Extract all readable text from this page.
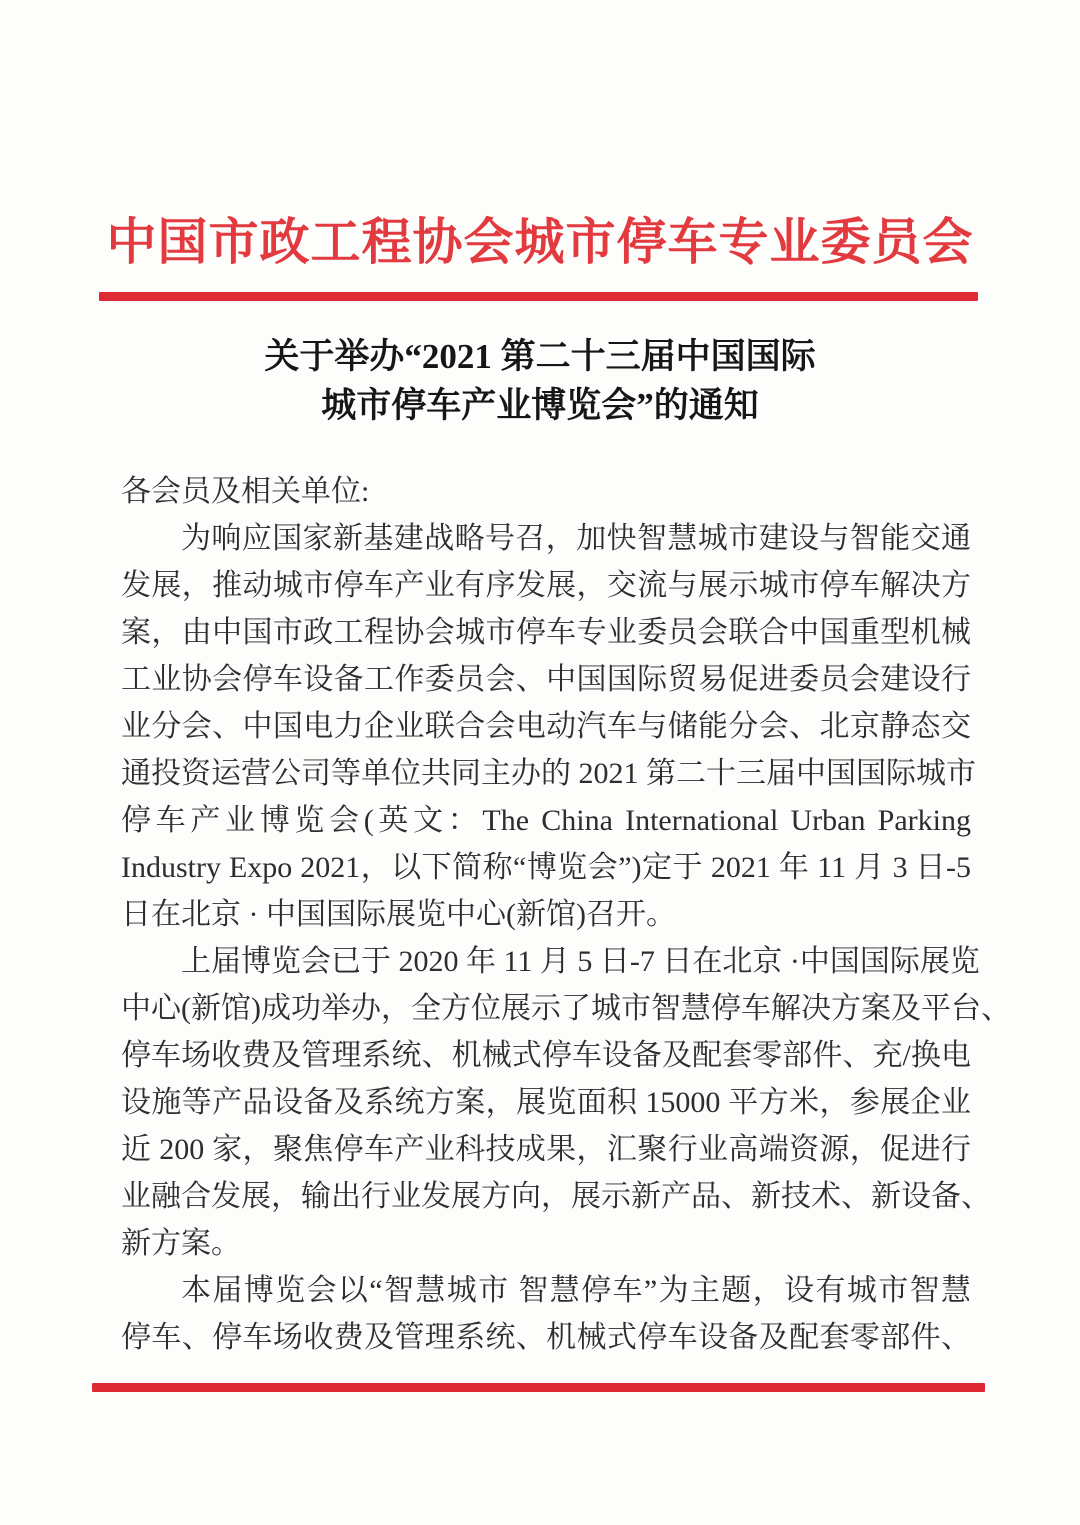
中国市政工程协会城市停车专业委员会
关于举办“2021 第二十三届中国国际
城市停车产业博览会”的通知
各会员及相关单位:
为响应国家新基建战略号召，加快智慧城市建设与智能交通
发展，推动城市停车产业有序发展，交流与展示城市停车解决方
案，由中国市政工程协会城市停车专业委员会联合中国重型机械
工业协会停车设备工作委员会、中国国际贸易促进委员会建设行
业分会、中国电力企业联合会电动汽车与储能分会、北京静态交
通投资运营公司等单位共同主办的 2021 第二十三届中国国际城市
停车产业博览会(英文：The China International Urban Parking
Industry Expo 2021，以下简称“博览会”)定于 2021 年 11 月 3 日-5
日在北京 · 中国国际展览中心(新馆)召开。
上届博览会已于 2020 年 11 月 5 日-7 日在北京 ·中国国际展览
中心(新馆)成功举办，全方位展示了城市智慧停车解决方案及平台、
停车场收费及管理系统、机械式停车设备及配套零部件、充/换电
设施等产品设备及系统方案，展览面积 15000 平方米，参展企业
近 200 家，聚焦停车产业科技成果，汇聚行业高端资源，促进行
业融合发展，输出行业发展方向，展示新产品、新技术、新设备、
新方案。
本届博览会以“智慧城市 智慧停车”为主题，设有城市智慧
停车、停车场收费及管理系统、机械式停车设备及配套零部件、
